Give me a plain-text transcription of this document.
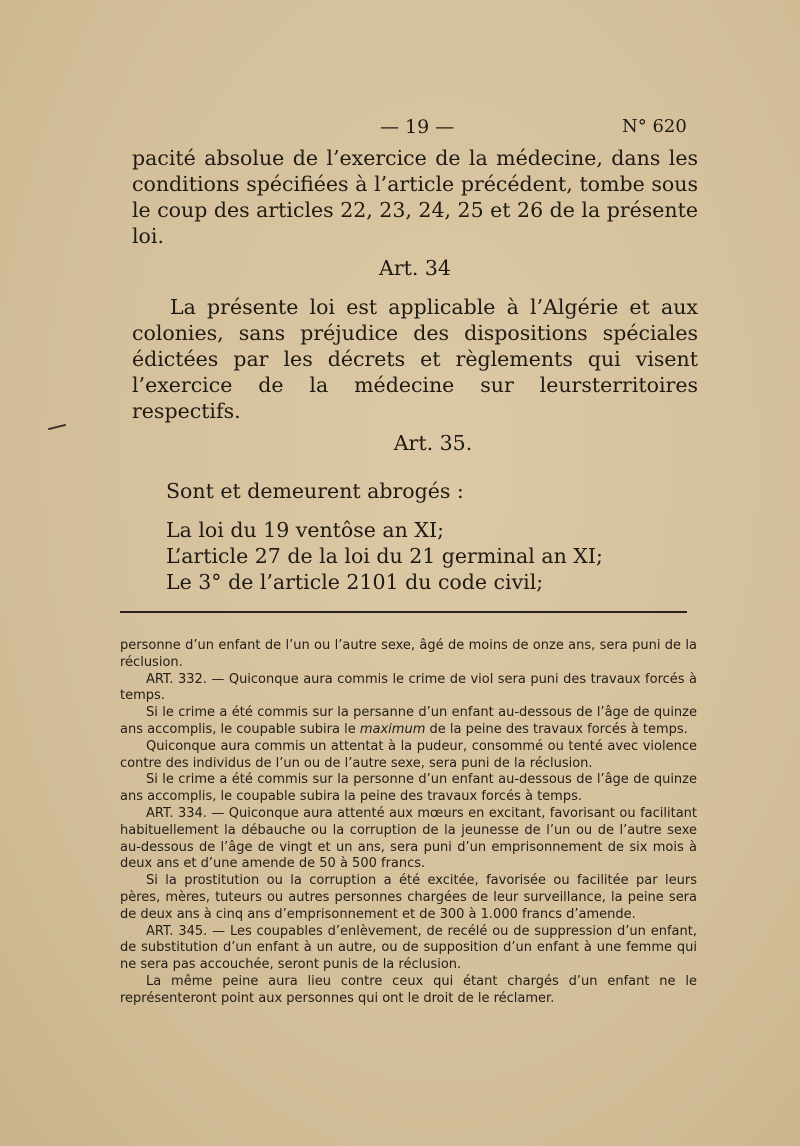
— 19 —	N° 620

pacité absolue de l’exercice de la médecine, dans les conditions spécifiées à l’article précédent, tombe sous le coup des articles 22, 23, 24, 25 et 26 de la présente loi.

Art. 34
La présente loi est applicable à l’Algérie et aux colonies, sans préjudice des dispositions spéciales édictées par les décrets et règlements qui visent l’exercice de la médecine sur leursterritoires respectifs.
Art. 35.
Sont et demeurent abrogés :
La loi du 19 ventôse an XI;
L’article 27 de la loi du 21 germinal an XI;
Le 3° de l’article 2101 du code civil;

personne d’un enfant de l’un ou l’autre sexe, âgé de moins de onze ans, sera puni de la réclusion.

ART. 332. — Quiconque aura commis le crime de viol sera puni des travaux forcés à temps.

Si le crime a été commis sur la persanne d’un enfant au-dessous de l’âge de quinze ans accomplis, le coupable subira le maximum de la peine des travaux forcés à temps.

Quiconque aura commis un attentat à la pudeur, consommé ou tenté avec violence contre des individus de l’un ou de l’autre sexe, sera puni de la réclusion.

Si le crime a été commis sur la personne d’un enfant au-dessous de l’âge de quinze ans accomplis, le coupable subira la peine des travaux forcés à temps.

ART. 334. — Quiconque aura attenté aux mœurs en excitant, favorisant ou facilitant habituellement la débauche ou la corruption de la jeunesse de l’un ou de l’autre sexe au-dessous de l’âge de vingt et un ans, sera puni d’un emprisonnement de six mois à deux ans et d’une amende de 50 à 500 francs.

Si la prostitution ou la corruption a été excitée, favorisée ou facilitée par leurs pères, mères, tuteurs ou autres personnes chargées de leur surveillance, la peine sera de deux ans à cinq ans d’emprisonnement et de 300 à 1.000 francs d’amende.

ART. 345. — Les coupables d’enlèvement, de recélé ou de suppression d’un enfant, de substitution d’un enfant à un autre, ou de supposition d’un enfant à une femme qui ne sera pas accouchée, seront punis de la réclusion.

La même peine aura lieu contre ceux qui étant chargés d’un enfant ne le représenteront point aux personnes qui ont le droit de le réclamer.
